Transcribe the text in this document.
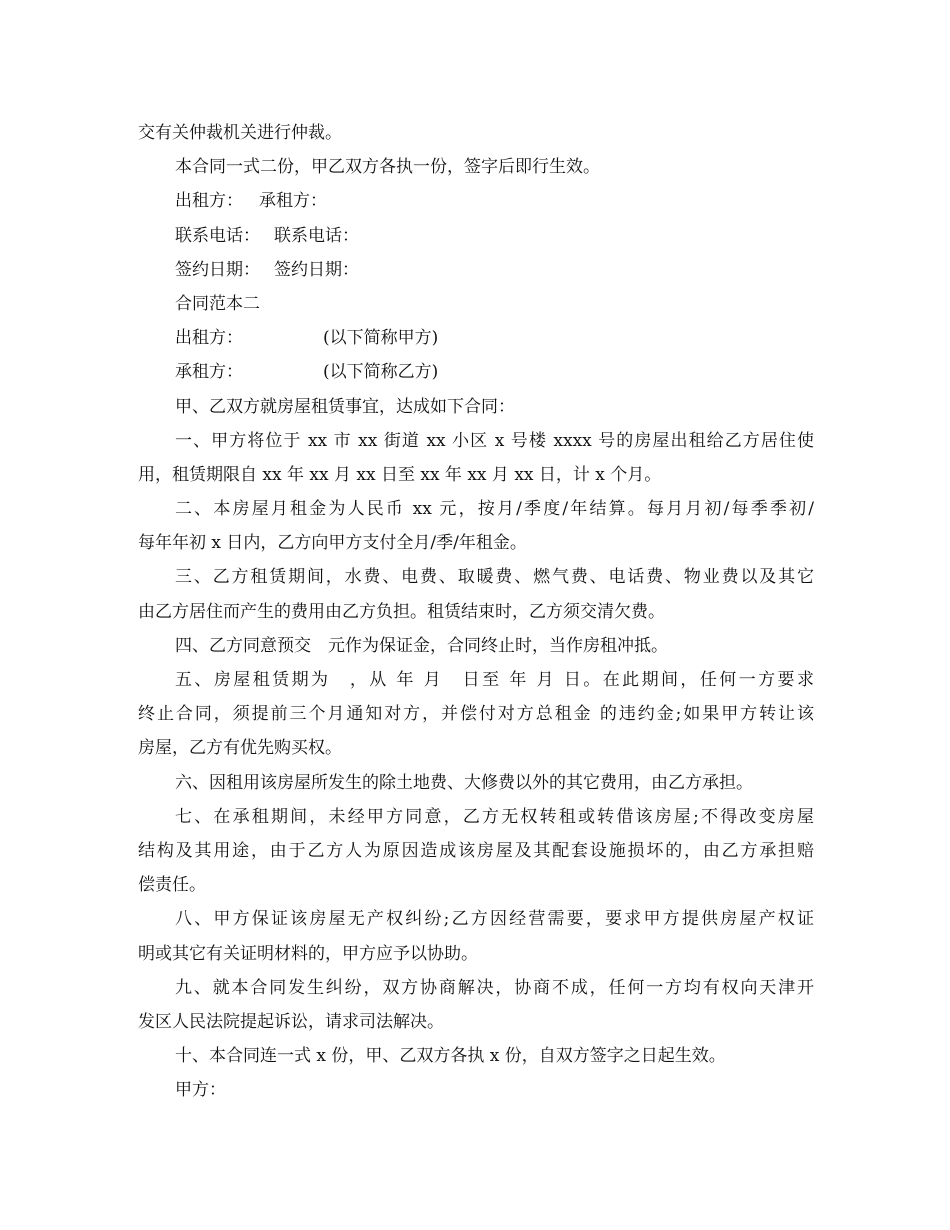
交有关仲裁机关进行仲裁。

本合同一式二份，甲乙双方各执一份，签字后即行生效。

出租方： 承租方：

联系电话： 联系电话：

签约日期： 签约日期：

合同范本二

出租方：	(以下简称甲方)

承租方：	(以下简称乙方)

甲、乙双方就房屋租赁事宜，达成如下合同：

一、甲方将位于 xx 市 xx 街道 xx 小区 x 号楼 xxxx 号的房屋出租给乙方居住使

用，租赁期限自 xx 年 xx 月 xx 日至 xx 年 xx 月 xx 日，计 x 个月。

二、本房屋月租金为人民币 xx 元，按月/季度/年结算。每月月初/每季季初/

每年年初 x 日内，乙方向甲方支付全月/季/年租金。

三、乙方租赁期间，水费、电费、取暖费、燃气费、电话费、物业费以及其它

由乙方居住而产生的费用由乙方负担。租赁结束时，乙方须交清欠费。

四、乙方同意预交　元作为保证金，合同终止时，当作房租冲抵。

五、房屋租赁期为　，从 年 月　日至 年 月 日。在此期间，任何一方要求

终止合同，须提前三个月通知对方，并偿付对方总租金 的违约金;如果甲方转让该

房屋，乙方有优先购买权。

六、因租用该房屋所发生的除土地费、大修费以外的其它费用，由乙方承担。

七、在承租期间，未经甲方同意，乙方无权转租或转借该房屋;不得改变房屋

结构及其用途，由于乙方人为原因造成该房屋及其配套设施损坏的，由乙方承担赔

偿责任。

八、甲方保证该房屋无产权纠纷;乙方因经营需要，要求甲方提供房屋产权证

明或其它有关证明材料的，甲方应予以协助。

九、就本合同发生纠纷，双方协商解决，协商不成，任何一方均有权向天津开

发区人民法院提起诉讼，请求司法解决。

十、本合同连一式 x 份，甲、乙双方各执 x 份，自双方签字之日起生效。

甲方：
